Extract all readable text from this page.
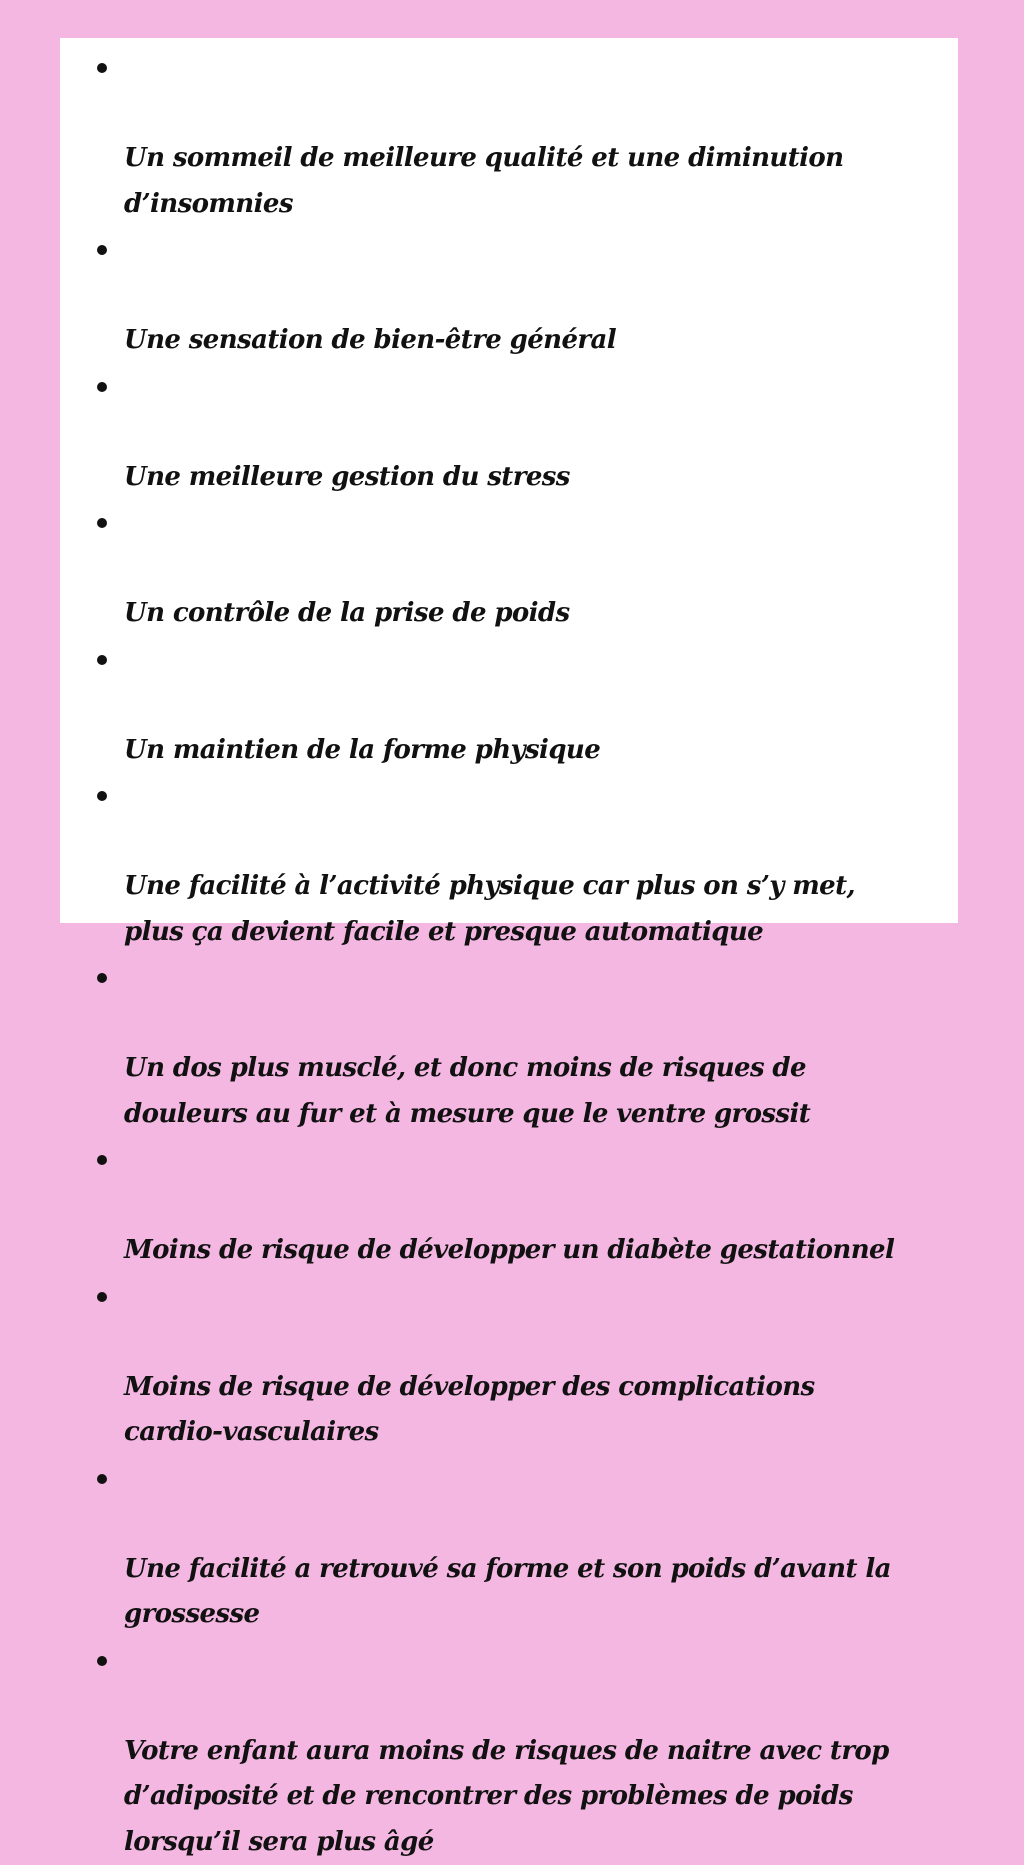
Un sommeil de meilleure qualité et une diminution
d’insomnies

Une sensation de bien-être général

Une meilleure gestion du stress

Un contrôle de la prise de poids

Un maintien de la forme physique

Une facilité à l’activité physique car plus on s’y met,
plus ça devient facile et presque automatique

Un dos plus musclé, et donc moins de risques de
douleurs au fur et à mesure que le ventre grossit

Moins de risque de développer un diabète gestationnel

Moins de risque de développer des complications
cardio-vasculaires

Une facilité a retrouvé sa forme et son poids d’avant la
grossesse

Votre enfant aura moins de risques de naitre avec trop
d’adiposité et de rencontrer des problèmes de poids
lorsqu’il sera plus âgé
